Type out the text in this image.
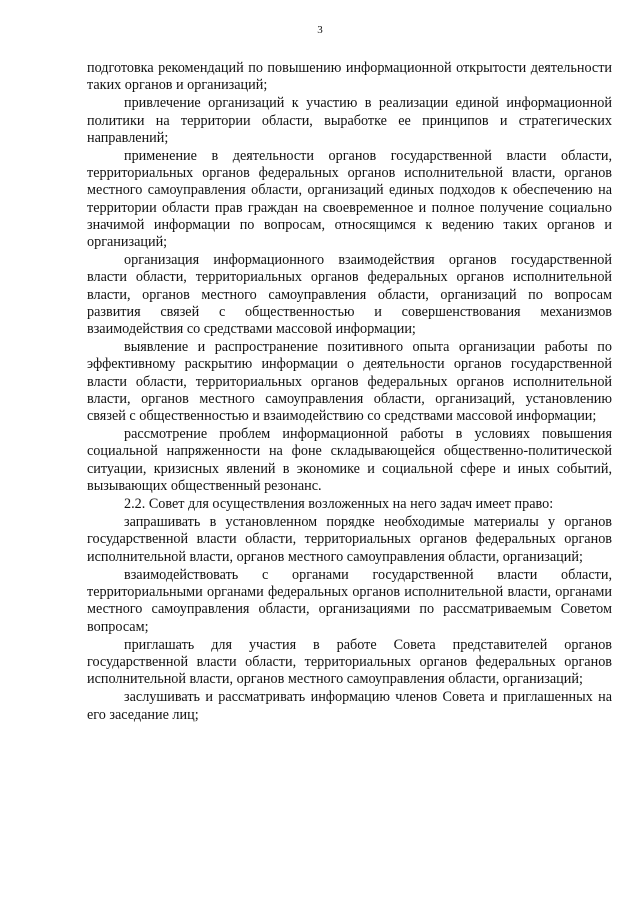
3

подготовка рекомендаций по повышению информационной открытости деятельности таких органов и организаций;

привлечение организаций к участию в реализации единой информационной политики на территории области, выработке ее принципов и стратегических направлений;

применение в деятельности органов государственной власти области, территориальных органов федеральных органов исполнительной власти, органов местного самоуправления области, организаций единых подходов к обеспечению на территории области прав граждан на своевременное и полное получение социально значимой информации по вопросам, относящимся к ведению таких органов и организаций;

организация информационного взаимодействия органов государственной власти области, территориальных органов федеральных органов исполнительной власти, органов местного самоуправления области, организаций по вопросам развития связей с общественностью и совершенствования механизмов взаимодействия со средствами массовой информации;

выявление и распространение позитивного опыта организации работы по эффективному раскрытию информации о деятельности органов государственной власти области, территориальных органов федеральных органов исполнительной власти, органов местного самоуправления области, организаций, установлению связей с общественностью и взаимодействию со средствами массовой информации;

рассмотрение проблем информационной работы в условиях повышения социальной напряженности на фоне складывающейся общественно-политической ситуации, кризисных явлений в экономике и социальной сфере и иных событий, вызывающих общественный резонанс.

2.2. Совет для осуществления возложенных на него задач имеет право:

запрашивать в установленном порядке необходимые материалы у органов государственной власти области, территориальных органов федеральных органов исполнительной власти, органов местного самоуправления области, организаций;

взаимодействовать с органами государственной власти области, территориальными органами федеральных органов исполнительной власти, органами местного самоуправления области, организациями по рассматриваемым Советом вопросам;

приглашать для участия в работе Совета представителей органов государственной власти области, территориальных органов федеральных органов исполнительной власти, органов местного самоуправления области, организаций;

заслушивать и рассматривать информацию членов Совета и приглашенных на его заседание лиц;
